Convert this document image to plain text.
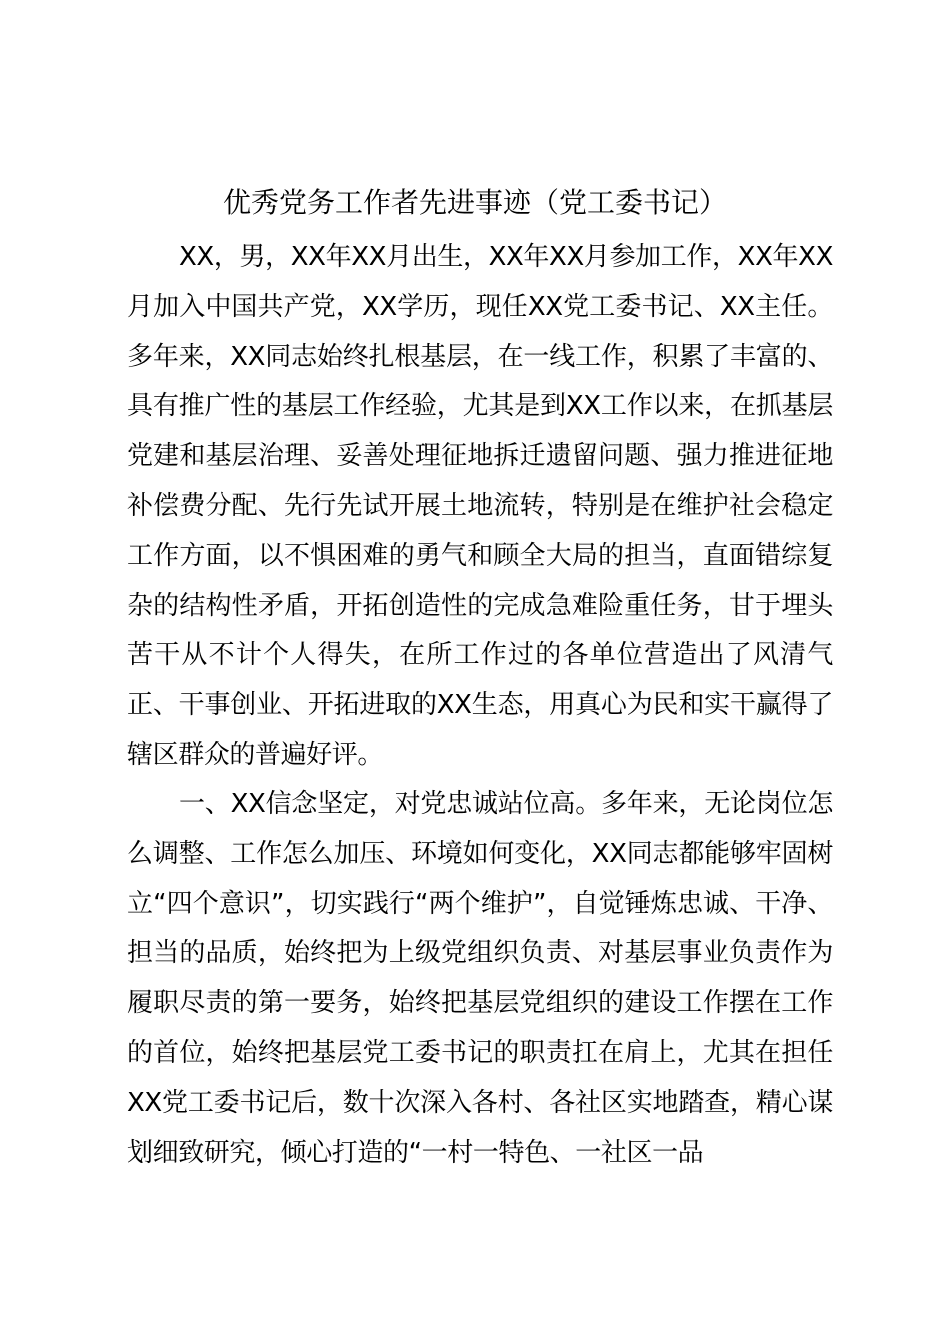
优秀党务工作者先进事迹（党工委书记）

XX，男，XX年XX月出生，XX年XX月参加工作，XX年XX月加入中国共产党，XX学历，现任XX党工委书记、XX主任。多年来，XX同志始终扎根基层，在一线工作，积累了丰富的、具有推广性的基层工作经验，尤其是到XX工作以来，在抓基层党建和基层治理、妥善处理征地拆迁遗留问题、强力推进征地补偿费分配、先行先试开展土地流转，特别是在维护社会稳定工作方面，以不惧困难的勇气和顾全大局的担当，直面错综复杂的结构性矛盾，开拓创造性的完成急难险重任务，甘于埋头苦干从不计个人得失，在所工作过的各单位营造出了风清气正、干事创业、开拓进取的XX生态，用真心为民和实干赢得了辖区群众的普遍好评。

一、XX信念坚定，对党忠诚站位高。多年来，无论岗位怎么调整、工作怎么加压、环境如何变化，XX同志都能够牢固树立“四个意识”，切实践行“两个维护”，自觉锤炼忠诚、干净、担当的品质，始终把为上级党组织负责、对基层事业负责作为履职尽责的第一要务，始终把基层党组织的建设工作摆在工作的首位，始终把基层党工委书记的职责扛在肩上，尤其在担任XX党工委书记后，数十次深入各村、各社区实地踏查，精心谋划细致研究，倾心打造的“一村一特色、一社区一品
